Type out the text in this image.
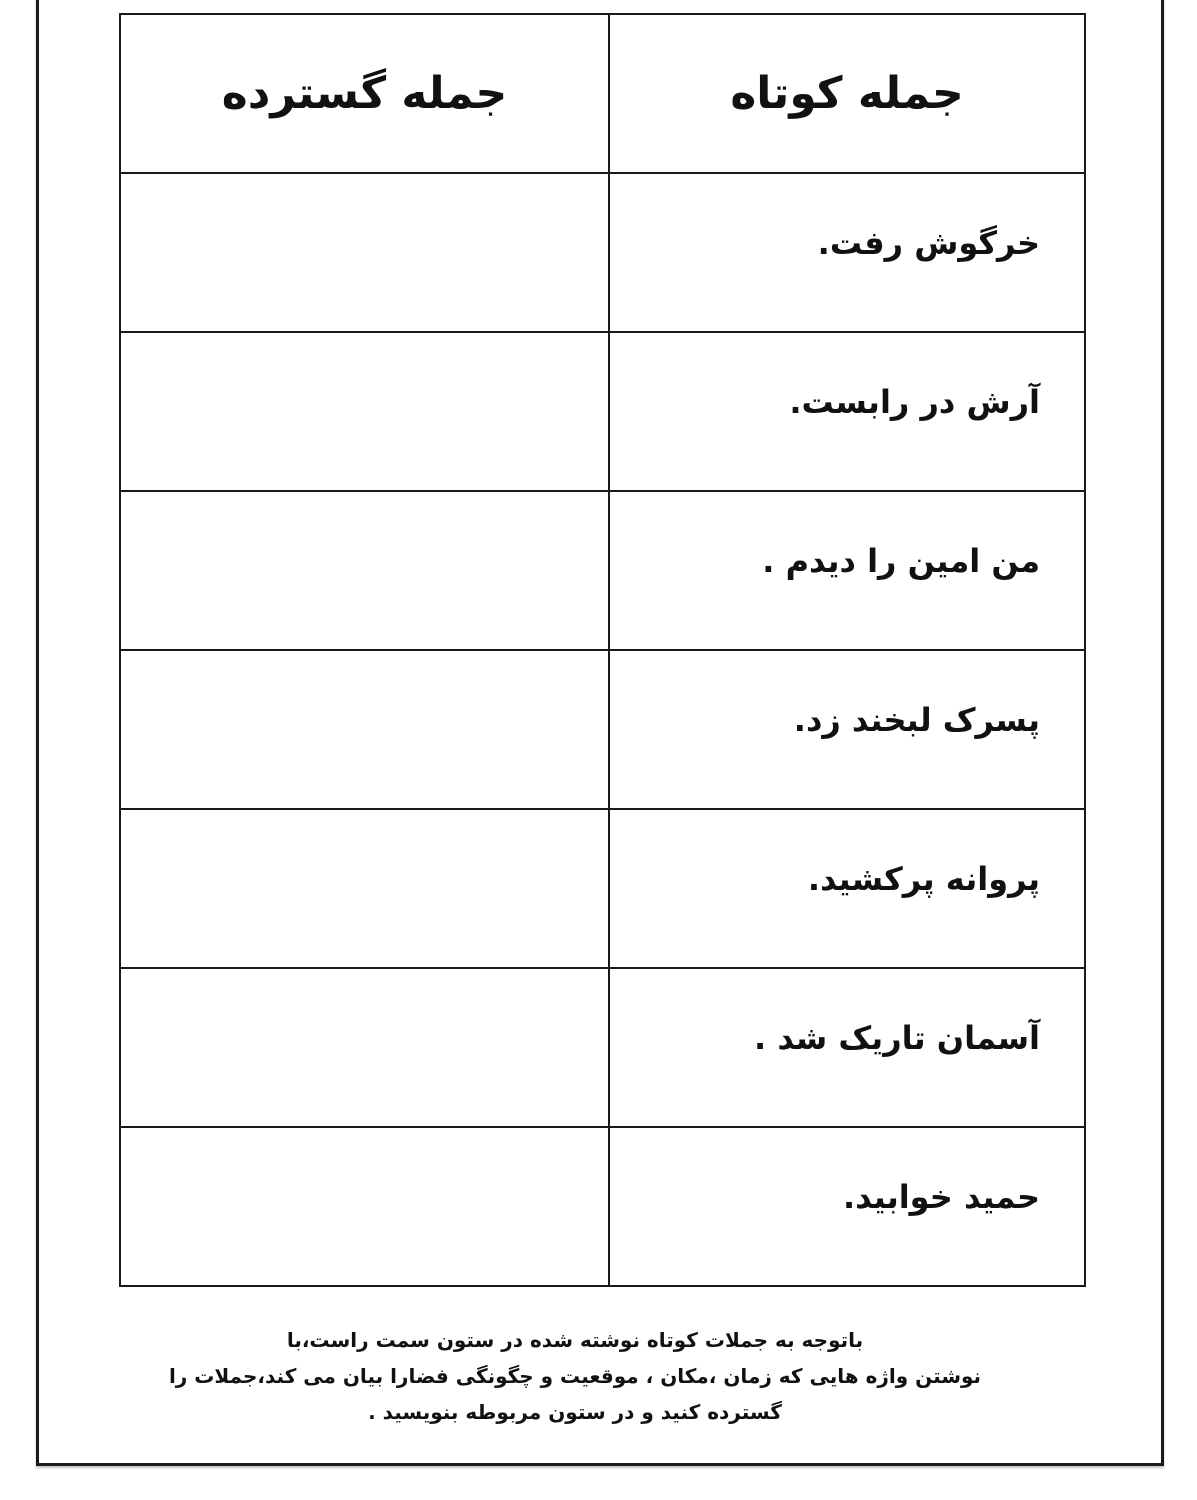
جمله کوتاه	جمله گسترده
خرگوش رفت.	
آرش در رابست.	
من امین را دیدم .	
پسرک لبخند زد.	
پروانه پرکشید.	
آسمان تاریک شد .	
حمید خوابید.	
باتوجه به جملات کوتاه نوشته شده در ستون سمت راست،با
نوشتن واژه هایی که زمان ،مکان ، موقعیت و چگونگی فضارا بیان می کند،جملات را
گسترده کنید و در ستون مربوطه بنویسید .
